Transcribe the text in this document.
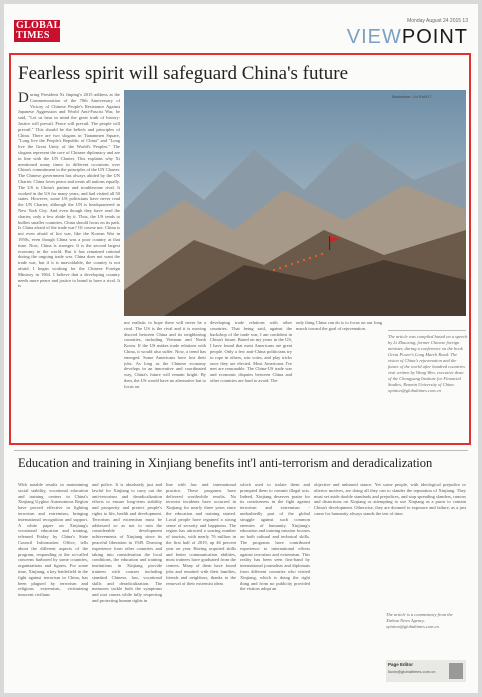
GLOBAL
TIMES
Monday August 24 2015 13
VIEWPOINT
Fearless spirit will safeguard China's future
Illustration: Liu Rui/GT
D uring President Xi Jinping's 2015 address at the Commemoration of the 70th Anniversary of Victory of Chinese People's Resistance Against Japanese Aggression and World Anti-Fascist War, he said, "Let us bear in mind the great truth of history: Justice will prevail. Peace will prevail. The people will prevail." This should be the beliefs and principles of China. There are two slogans in Tiananmen Square, "Long live the People's Republic of China" and "Long live the Great Unity of the World's Peoples." The slogans represent the core of Chinese diplomacy and are in line with the UN Charter. This explains why Xi mentioned many times in different occasions over China's commitment to the principles of the UN Charter. The Chinese government has always abided by the UN Charter. China loves peace and treats all nations equally. The US is China's partner and troublesome rival. It worked in the US for many years, and had visited all 50 states. However, some US politicians have never read the UN Charter, although the UN is headquartered in New York City. And even though they have read the charter, only a few abide by it. Thus, the US tends to bullies smaller countries. China should focus on its path. Is China afraid of the trade war? Of course not. China is not even afraid of hot war, like the Korean War in 1950s, even though China was a poor country at that time. Now, China is stronger. It is the second largest economy in the world. But it has remained rational during the ongoing trade war. China does not want the trade war, but if it is unavoidable, the country is not afraid. I began working for the Chinese Foreign Ministry in 1964. I believe that a developing country needs more peace and justice to brand to have a rival. It is
not realistic to hope there will never be a rival. The US is the rival and it is moving discord between China and its neighboring countries, including Vietnam and North Korea. If the US makes trade relations with China, it would also suffer. Now, a trend has emerged. Some Americans have lost their jobs. As long as the Chinese economy develops in an innovative and coordinated way, China's future will remain bright. By then, the US would have no alternative but to focus on
developing trade relations with other countries. That being said, against the backdrop of the trade war, I am confident in China's future. Based on my years in the US, I have found that most Americans are great people. Only a few anti-China politicians try to rope in others, win votes, and play tricks once they are elected. Most Americans I've met are reasonable. The China-US trade war and economic disputes between China and other countries are hard to avoid. The
only thing China can do is to focus on our long march toward the goal of rejuvenation.
The article was compiled based on a speech by Li Zhaoxing, former Chinese foreign minister, during a conference on the book Great Power's Long March Road: The vision of China's rejuvenation and the future of the world after hundred countries visit written by Wang Wen, executive dean of the Chongyang Institute for Financial Studies, Renmin University of China. opinion@globaltimes.com.cn
Education and training in Xinjiang benefits int'l anti-terrorism and deradicalization
With notable results in maintaining social stability, vocational education and training centers in China's Xinjiang Uyghur Autonomous Region have proved effective in fighting terrorism and extremism, bringing international recognition and support. A white paper on Xinjiang's vocational education and training, released Friday by China's State Council Information Office, tells about the different aspects of the program, responding to the so-called concerns harbored by some countries, organizations and figures. For some time, Xinjiang, a key battlefield in the fight against terrorism in China, has been plagued by terrorism and religious extremism, victimizing innocent civilians
and police. It is absolutely just and lawful for Xinjiang to carry out the anti-terrorism and deradicalization efforts to ensure long-term stability and prosperity and protect people's rights to life, health and development. Terrorism and extremism must be addressed so as not to ruin the considerable development achievements of Xinjiang since its peaceful liberation in 1949. Drawing experience from other countries and taking into consideration the local conditions, the education and training institutions in Xinjiang provide trainees with courses including standard Chinese, law, vocational skills and deradicalization. The measures tackle both the symptoms and root causes while fully respecting and protecting human rights in
line with law and international practice. These programs have delivered worthwhile results. No terrorist incidents have occurred in Xinjiang for nearly three years since the education and training started. Local people have regained a strong sense of security and happiness. The region has attracted a soaring number of tourists, with nearly 76 million in the first half of 2019, up 46 percent year on year. Having acquired skills and better communication abilities, most trainees have graduated from the centers. Many of them have found jobs and reunited with their families, friends and neighbors, thanks to the removal of their extremist ideas
which used to isolate them and prompted them to commit illegal acts. Indeed, Xinjiang deserves praise for its creativeness in the fight against terrorism and extremism - undoubtedly part of the global struggle against such common enemies of humanity. Xinjiang's education and training mission focuses on both cultural and technical skills. The programs have contributed experience to international efforts against terrorism and extremism. This reality has been seen first-hand by international journalists and diplomats from different countries who visited Xinjiang, which is doing the right thing and from no publicity provided the visitors adopt an
objective and unbiased stance. Yet some people, with ideological prejudice or ulterior motives, are doing all they can to slander the reputation of Xinjiang. They must set aside double standards and prejudices, and stop spreading slanders, rumors and distortions on Xinjiang or attempting to use Xinjiang as a pawn to contain China's development. Otherwise, they are doomed to exposure and failure, as a just cause for humanity always stands the test of time.
The article is a commentary from the Xinhua News Agency. opinion@globaltimes.com.cn
Page Editor
liuxin@globaltimes.com.cn
